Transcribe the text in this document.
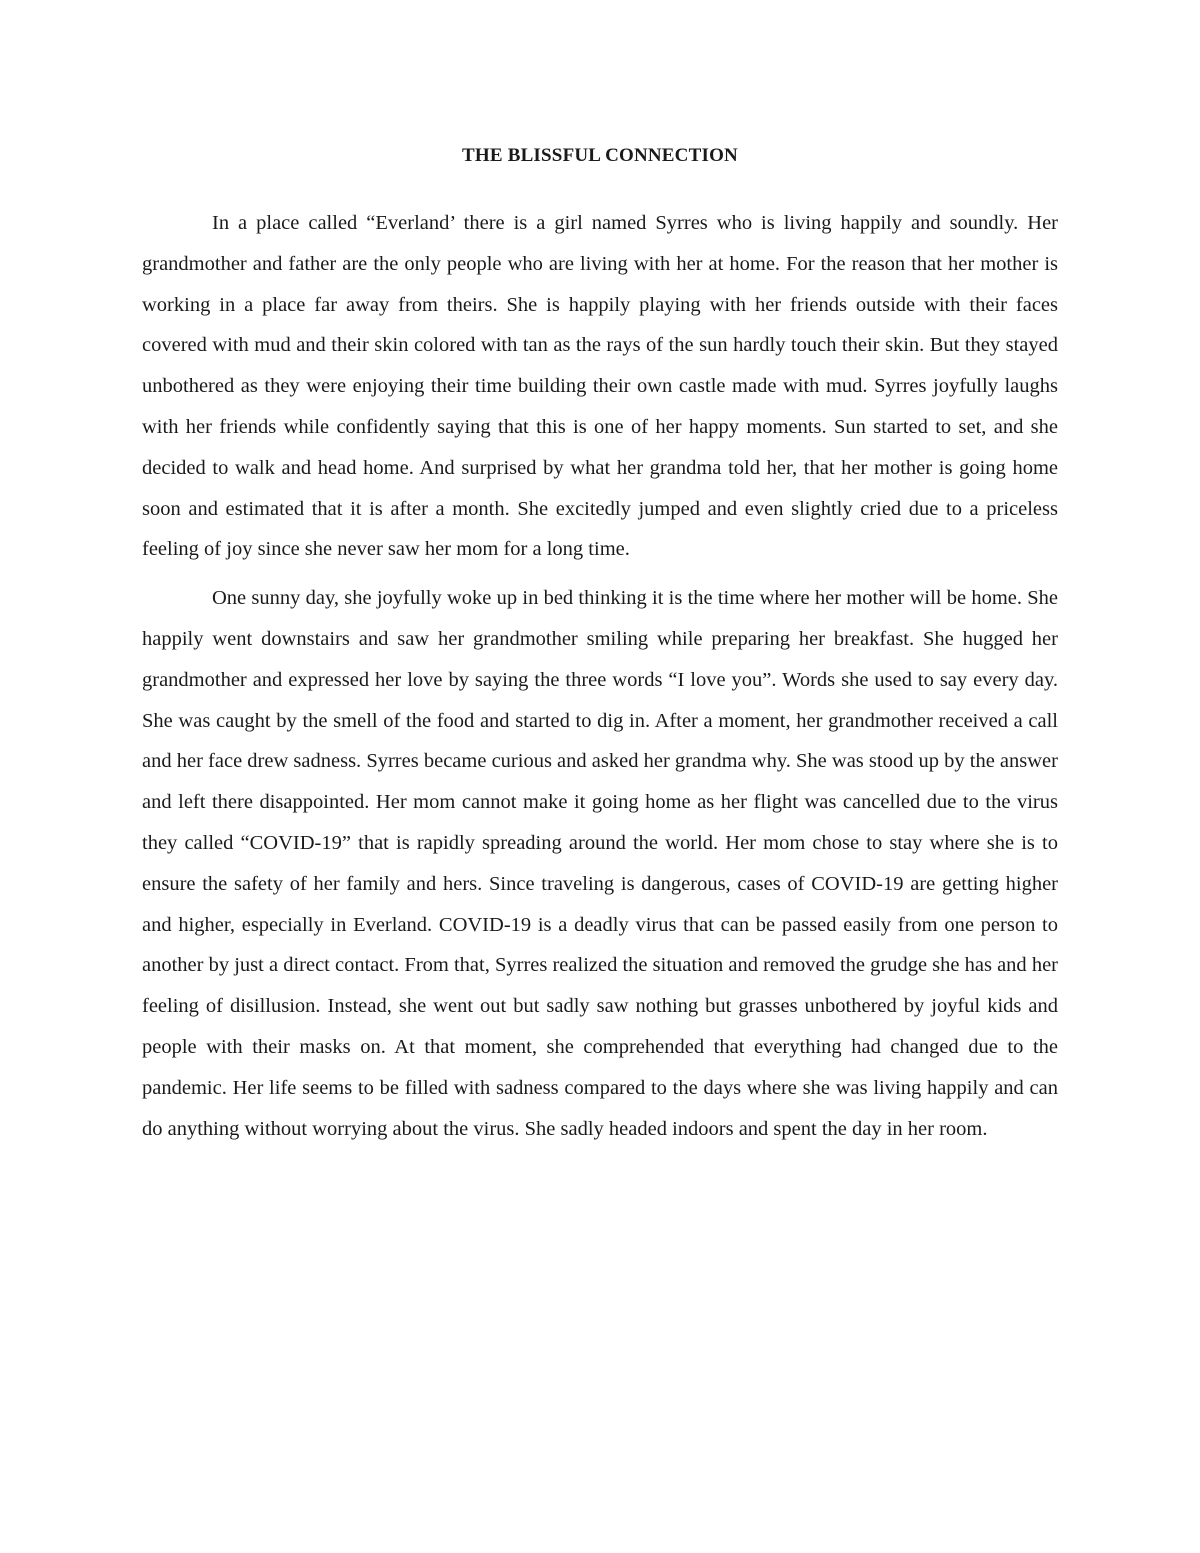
THE BLISSFUL CONNECTION

In a place called “Everland’ there is a girl named Syrres who is living happily and soundly. Her grandmother and father are the only people who are living with her at home. For the reason that her mother is working in a place far away from theirs. She is happily playing with her friends outside with their faces covered with mud and their skin colored with tan as the rays of the sun hardly touch their skin. But they stayed unbothered as they were enjoying their time building their own castle made with mud. Syrres joyfully laughs with her friends while confidently saying that this is one of her happy moments. Sun started to set, and she decided to walk and head home. And surprised by what her grandma told her, that her mother is going home soon and estimated that it is after a month. She excitedly jumped and even slightly cried due to a priceless feeling of joy since she never saw her mom for a long time.

One sunny day, she joyfully woke up in bed thinking it is the time where her mother will be home. She happily went downstairs and saw her grandmother smiling while preparing her breakfast. She hugged her grandmother and expressed her love by saying the three words “I love you”. Words she used to say every day. She was caught by the smell of the food and started to dig in. After a moment, her grandmother received a call and her face drew sadness. Syrres became curious and asked her grandma why. She was stood up by the answer and left there disappointed. Her mom cannot make it going home as her flight was cancelled due to the virus they called “COVID-19” that is rapidly spreading around the world. Her mom chose to stay where she is to ensure the safety of her family and hers. Since traveling is dangerous, cases of COVID-19 are getting higher and higher, especially in Everland. COVID-19 is a deadly virus that can be passed easily from one person to another by just a direct contact. From that, Syrres realized the situation and removed the grudge she has and her feeling of disillusion. Instead, she went out but sadly saw nothing but grasses unbothered by joyful kids and people with their masks on. At that moment, she comprehended that everything had changed due to the pandemic. Her life seems to be filled with sadness compared to the days where she was living happily and can do anything without worrying about the virus. She sadly headed indoors and spent the day in her room.
